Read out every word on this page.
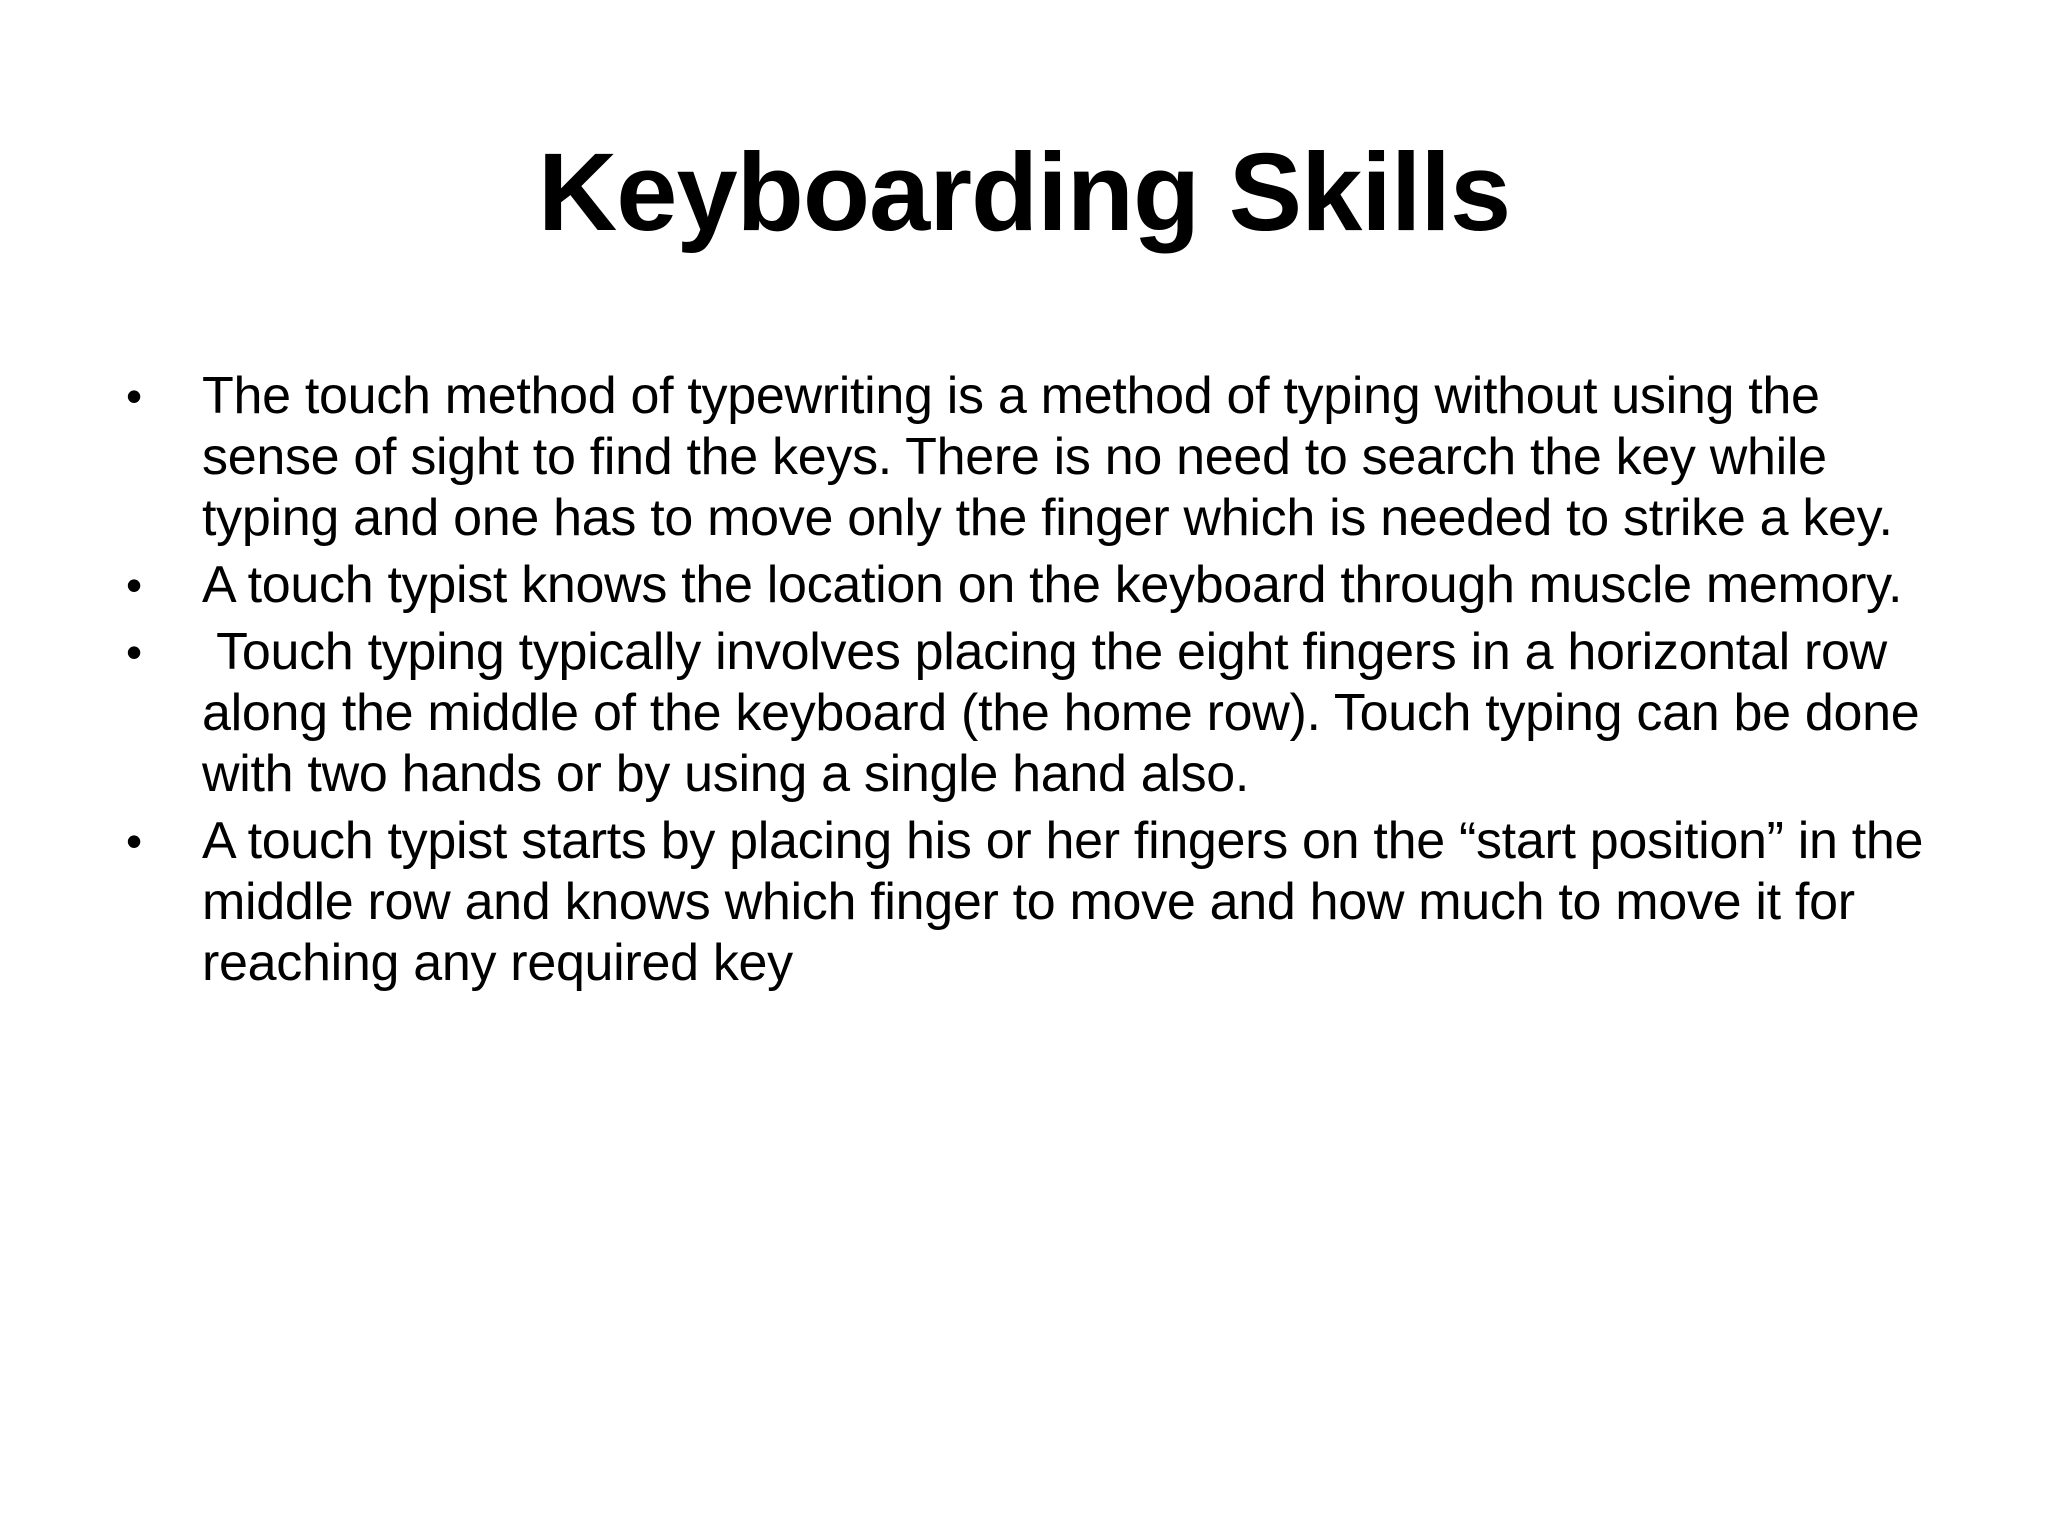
Keyboarding Skills
•	The touch method of typewriting is a method of typing without using the sense of sight to find the keys. There is no need to search the key while typing and one has to move only the finger which is needed to strike a key.
•	A touch typist knows the location on the keyboard through muscle memory.
•	Touch typing typically involves placing the eight fingers in a horizontal row along the middle of the keyboard (the home row). Touch typing can be done with two hands or by using a single hand also.
•	A touch typist starts by placing his or her fingers on the “start position” in the middle row and knows which finger to move and how much to move it for reaching any required key
